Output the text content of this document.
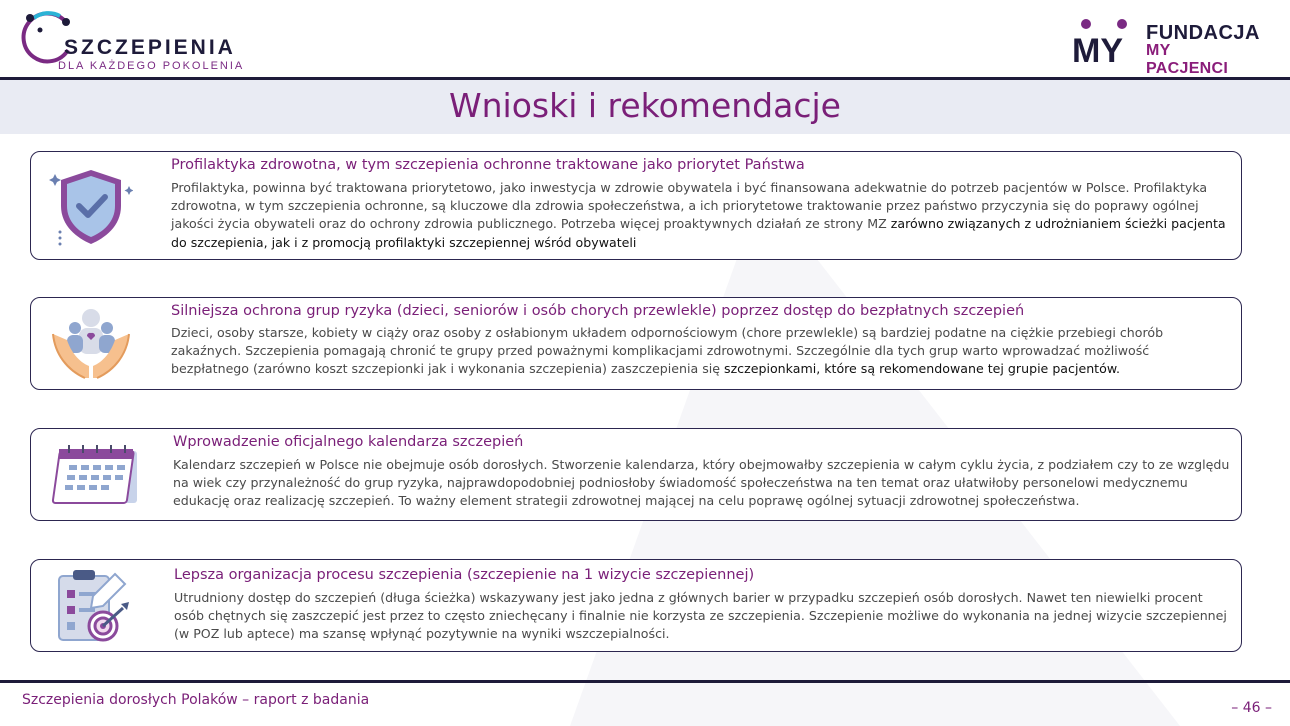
SZCZEPIENIA
DLA KAŻDEGO POKOLENIA	MY FUNDACJA
MY PACJENCI
Wnioski i rekomendacje
Profilaktyka zdrowotna, w tym szczepienia ochronne traktowane jako priorytet Państwa
Profilaktyka, powinna być traktowana priorytetowo, jako inwestycja w zdrowie obywatela i być finansowana adekwatnie do potrzeb pacjentów w Polsce. Profilaktyka zdrowotna, w tym szczepienia ochronne, są kluczowe dla zdrowia społeczeństwa, a ich priorytetowe traktowanie przez państwo przyczynia się do poprawy ogólnej jakości życia obywateli oraz do ochrony zdrowia publicznego. Potrzeba więcej proaktywnych działań ze strony MZ zarówno związanych z udrożnianiem ścieżki pacjenta do szczepienia, jak i z promocją profilaktyki szczepiennej wśród obywateli
Silniejsza ochrona grup ryzyka (dzieci, seniorów i osób chorych przewlekle) poprzez dostęp do bezpłatnych szczepień
Dzieci, osoby starsze, kobiety w ciąży oraz osoby z osłabionym układem odpornościowym (chore przewlekle) są bardziej podatne na ciężkie przebiegi chorób zakaźnych. Szczepienia pomagają chronić te grupy przed poważnymi komplikacjami zdrowotnymi. Szczególnie dla tych grup warto wprowadzać możliwość bezpłatnego (zarówno koszt szczepionki jak i wykonania szczepienia) zaszczepienia się szczepionkami, które są rekomendowane tej grupie pacjentów.
Wprowadzenie oficjalnego kalendarza szczepień
Kalendarz szczepień w Polsce nie obejmuje osób dorosłych. Stworzenie kalendarza, który obejmowałby szczepienia w całym cyklu życia, z podziałem czy to ze względu na wiek czy przynależność do grup ryzyka, najprawdopodobniej podniosłoby świadomość społeczeństwa na ten temat oraz ułatwiłoby personelowi medycznemu edukację oraz realizację szczepień. To ważny element strategii zdrowotnej mającej na celu poprawę ogólnej sytuacji zdrowotnej społeczeństwa.
Lepsza organizacja procesu szczepienia (szczepienie na 1 wizycie szczepiennej)
Utrudniony dostęp do szczepień (długa ścieżka) wskazywany jest jako jedna z głównych barier w przypadku szczepień osób dorosłych. Nawet ten niewielki procent osób chętnych się zaszczepić jest przez to często zniechęcany i finalnie nie korzysta ze szczepienia. Szczepienie możliwe do wykonania na jednej wizycie szczepiennej (w POZ lub aptece) ma szansę wpłynąć pozytywnie na wyniki wszczepialności.
Szczepienia dorosłych Polaków – raport z badania	– 46 –
